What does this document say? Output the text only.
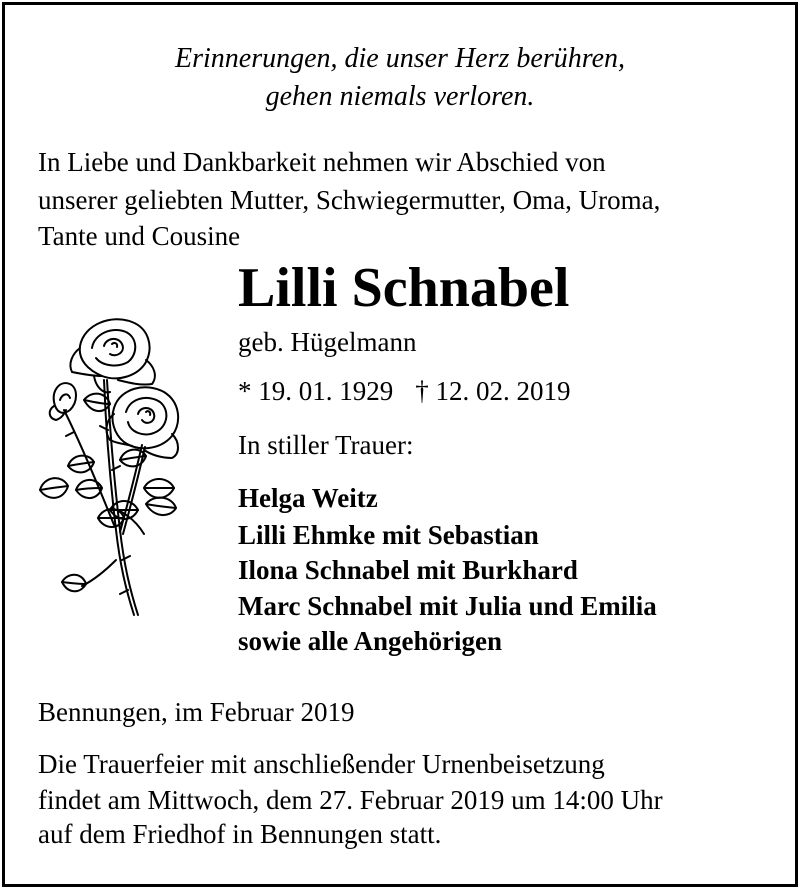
Erinnerungen, die unser Herz berühren,
gehen niemals verloren.
In Liebe und Dankbarkeit nehmen wir Abschied von
unserer geliebten Mutter, Schwiegermutter, Oma, Uroma,
Tante und Cousine
Lilli Schnabel
geb. Hügelmann
* 19. 01. 1929 † 12. 02. 2019
In stiller Trauer:
Helga Weitz
Lilli Ehmke mit Sebastian
Ilona Schnabel mit Burkhard
Marc Schnabel mit Julia und Emilia
sowie alle Angehörigen
Bennungen, im Februar 2019
Die Trauerfeier mit anschließender Urnenbeisetzung
findet am Mittwoch, dem 27. Februar 2019 um 14:00 Uhr
auf dem Friedhof in Bennungen statt.
